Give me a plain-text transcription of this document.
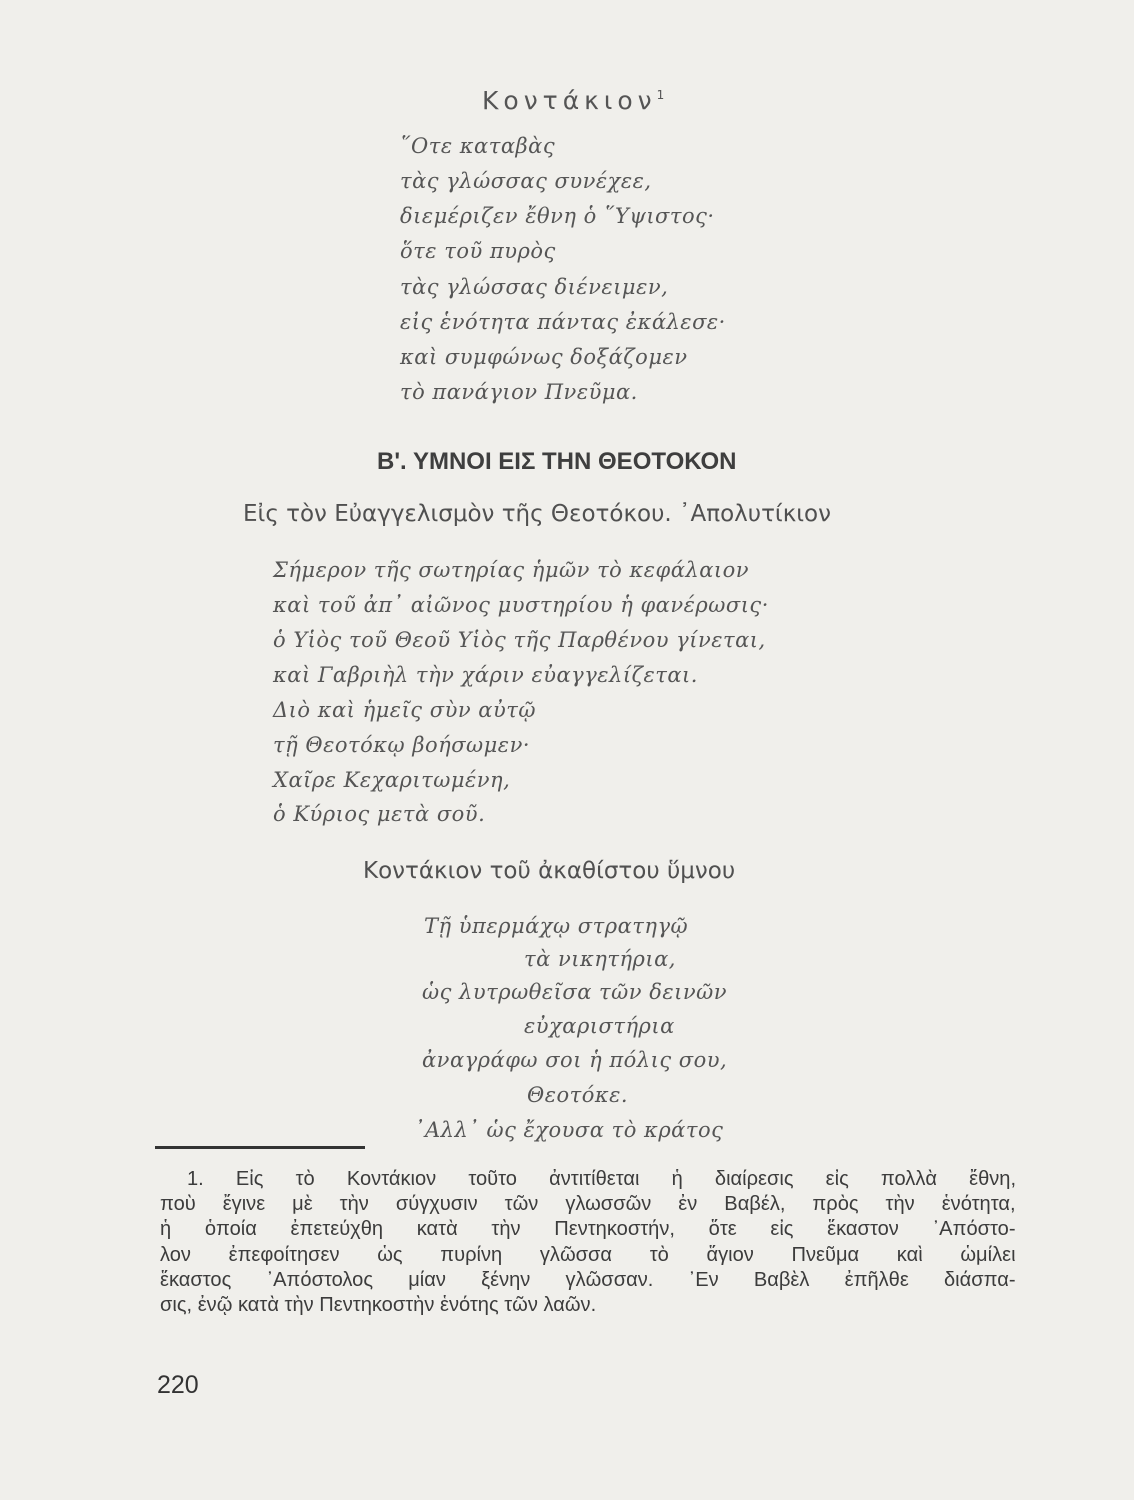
Κοντάκιον$^1$
῞Οτε καταβὰς
τὰς γλώσσας συνέχεε,
διεμέριζεν ἔθνη ὁ ῞Υψιστος·
ὅτε τοῦ πυρὸς
τὰς γλώσσας διένειμεν,
εἰς ἑνότητα πάντας ἐκάλεσε·
καὶ συμφώνως δοξάζομεν
τὸ πανάγιον Πνεῦμα.
Β'. ΥΜΝΟΙ ΕΙΣ ΤΗΝ ΘΕΟΤΟΚΟΝ
Εἰς τὸν Εὐαγγελισμὸν τῆς Θεοτόκου. ᾿Απολυτίκιον
Σήμερον τῆς σωτηρίας ἡμῶν τὸ κεφάλαιον
καὶ τοῦ ἀπ᾽ αἰῶνος μυστηρίου ἡ φανέρωσις·
ὁ Υἱὸς τοῦ Θεοῦ Υἱὸς τῆς Παρθένου γίνεται,
καὶ Γαβριὴλ τὴν χάριν εὐαγγελίζεται.
Διὸ καὶ ἡμεῖς σὺν αὐτῷ
τῇ Θεοτόκῳ βοήσωμεν·
Χαῖρε Κεχαριτωμένη,
ὁ Κύριος μετὰ σοῦ.
Κοντάκιον τοῦ ἀκαθίστου ὕμνου
Τῇ ὑπερμάχῳ στρατηγῷ
τὰ νικητήρια,
ὡς λυτρωθεῖσα τῶν δεινῶν
εὐχαριστήρια
ἀναγράφω σοι ἡ πόλις σου,
Θεοτόκε.
᾿Αλλ᾽ ὡς ἔχουσα τὸ κράτος
1. Εἰς τὸ Κοντάκιον τοῦτο ἀντιτίθεται ἡ διαίρεσις εἰς πολλὰ ἔθνη,
ποὺ ἔγινε μὲ τὴν σύγχυσιν τῶν γλωσσῶν ἐν Βαβέλ, πρὸς τὴν ἑνότητα,
ἡ ὁποία ἐπετεύχθη κατὰ τὴν Πεντηκοστήν, ὅτε εἰς ἕκαστον ᾿Απόστο-
λον ἐπεφοίτησεν ὡς πυρίνη γλῶσσα τὸ ἅγιον Πνεῦμα καὶ ὡμίλει
ἕκαστος ᾿Απόστολος μίαν ξένην γλῶσσαν. ᾿Εν Βαβὲλ ἐπῆλθε διάσπα-
σις, ἐνῷ κατὰ τὴν Πεντηκοστὴν ἑνότης τῶν λαῶν.
220
